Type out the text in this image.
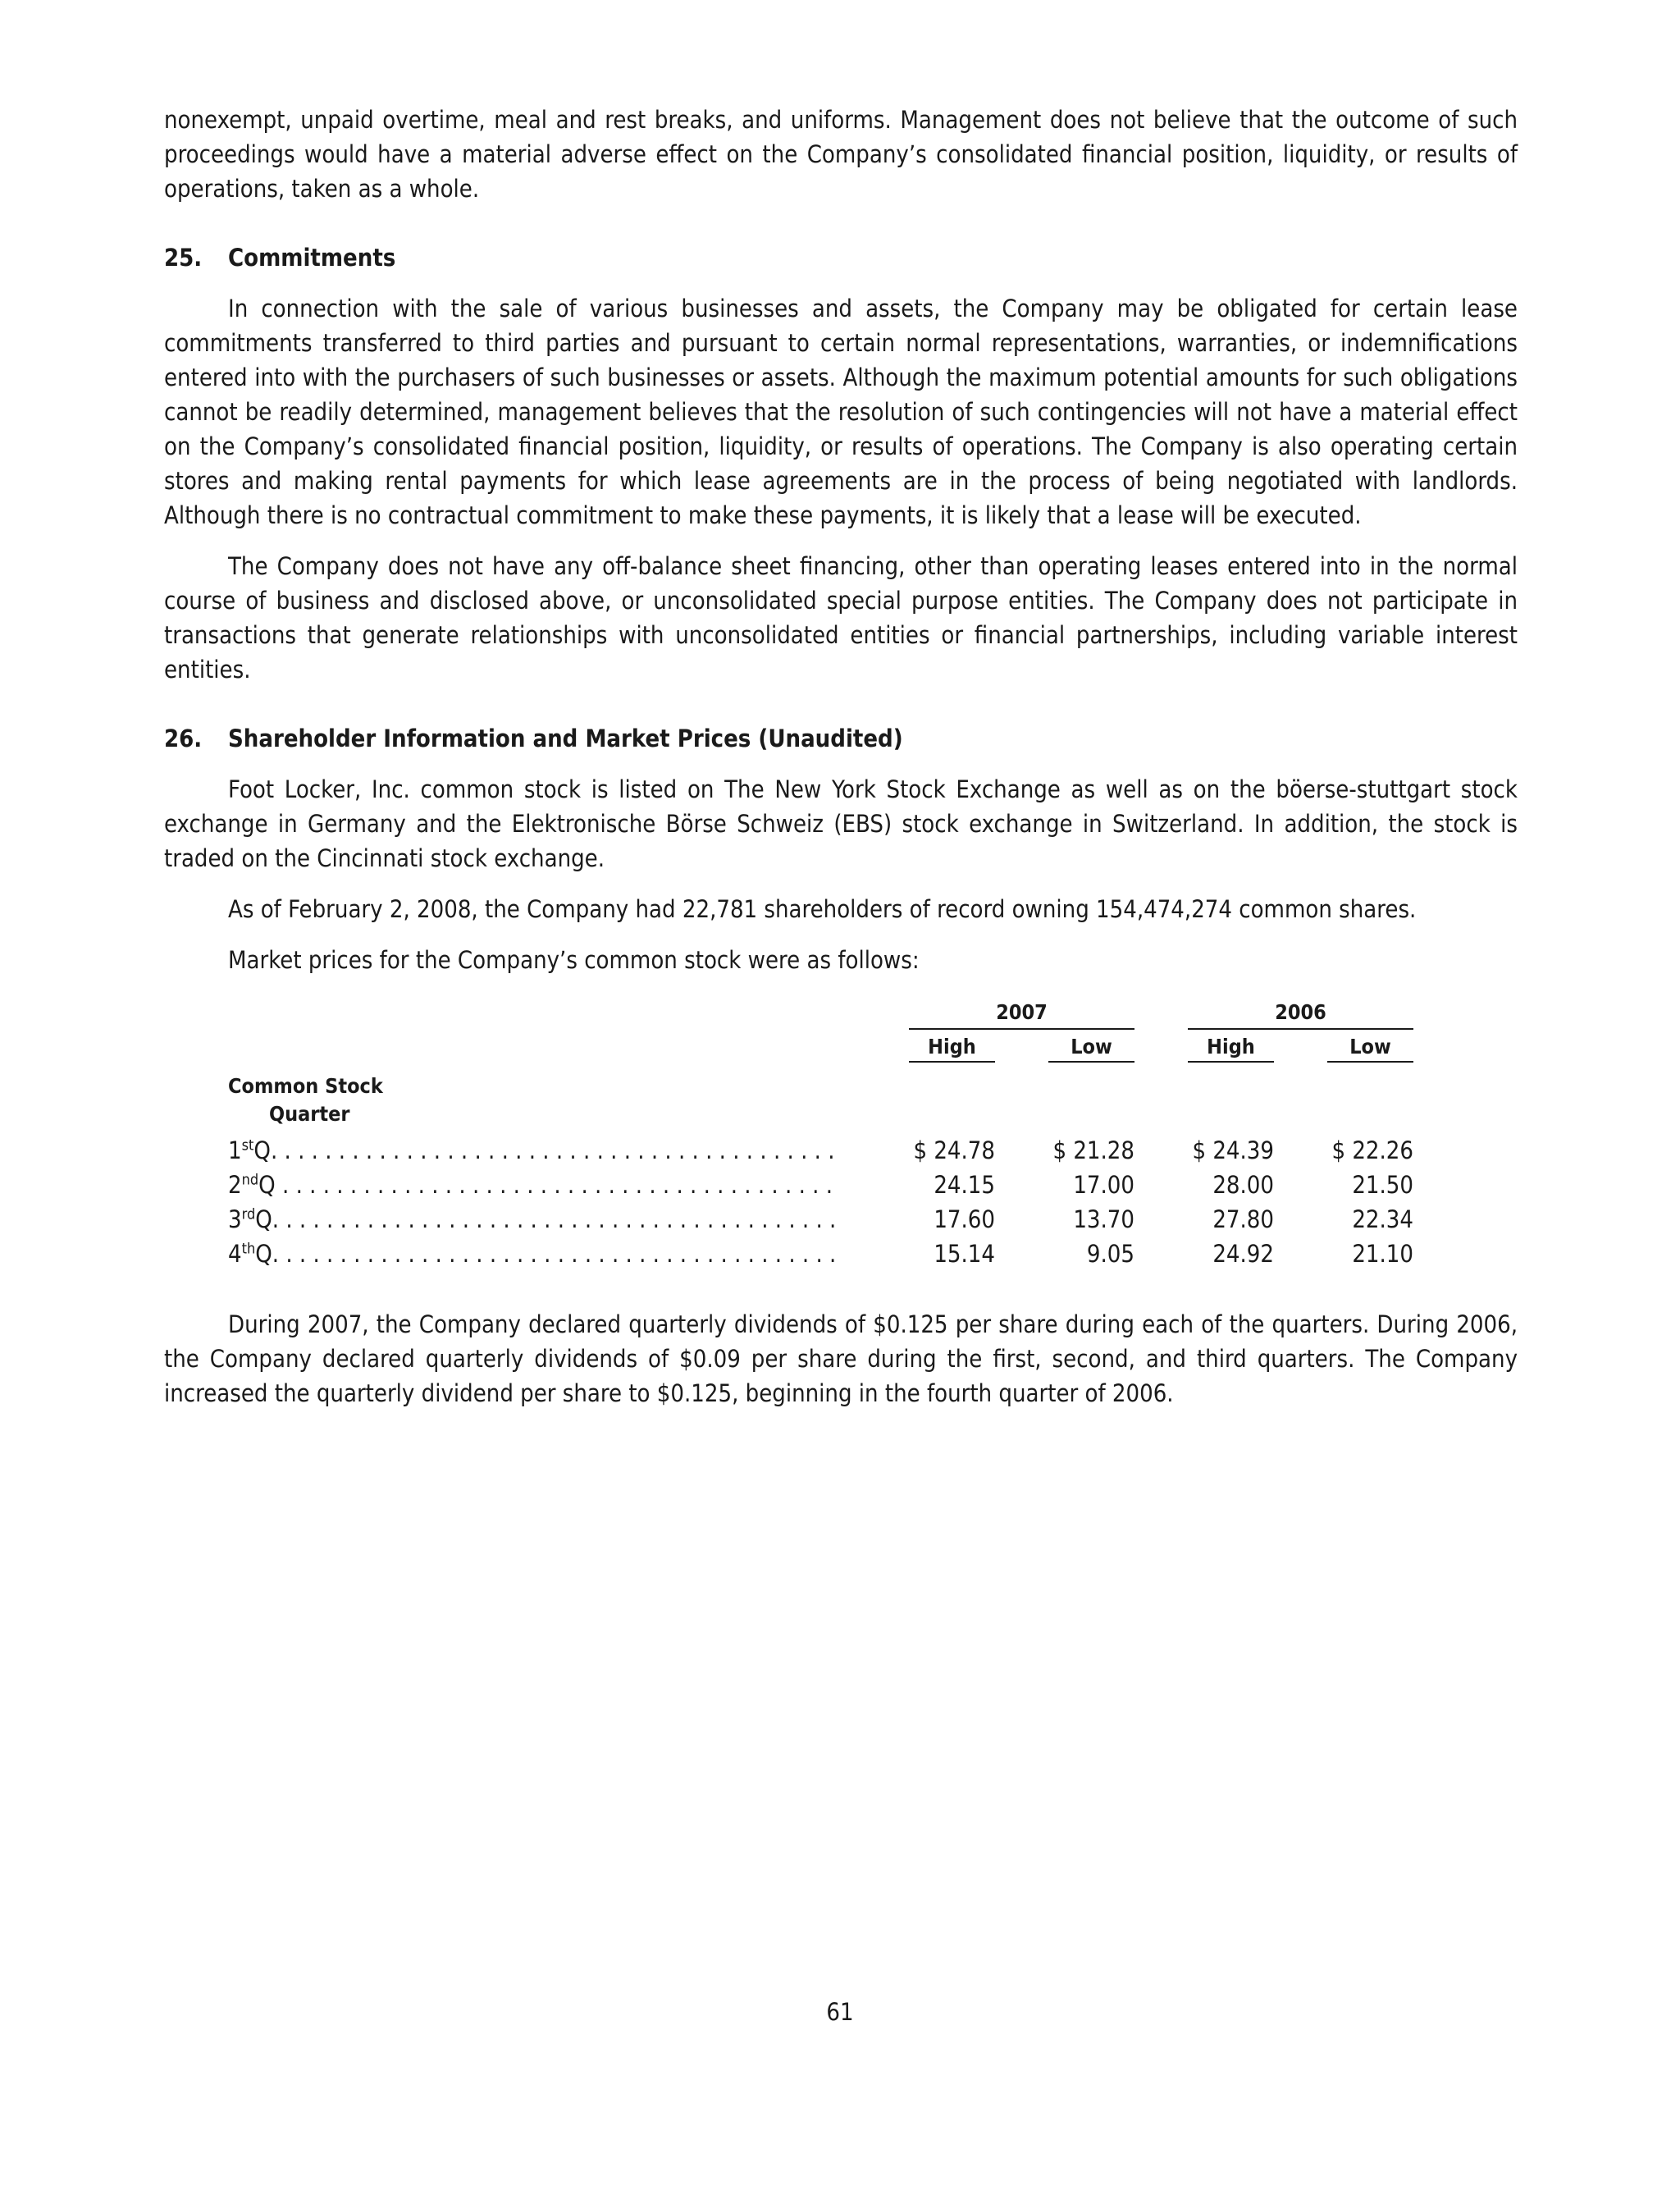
nonexempt, unpaid overtime, meal and rest breaks, and uniforms. Management does not believe that the outcome of such proceedings would have a material adverse effect on the Company’s consolidated financial position, liquidity, or results of operations, taken as a whole.

25. Commitments

In connection with the sale of various businesses and assets, the Company may be obligated for certain lease commitments transferred to third parties and pursuant to certain normal representations, warranties, or indemnifications entered into with the purchasers of such businesses or assets. Although the maximum potential amounts for such obligations cannot be readily determined, management believes that the resolution of such contingencies will not have a material effect on the Company’s consolidated financial position, liquidity, or results of operations. The Company is also operating certain stores and making rental payments for which lease agreements are in the process of being negotiated with landlords. Although there is no contractual commitment to make these payments, it is likely that a lease will be executed.

The Company does not have any off-balance sheet financing, other than operating leases entered into in the normal course of business and disclosed above, or unconsolidated special purpose entities. The Company does not participate in transactions that generate relationships with unconsolidated entities or financial partnerships, including variable interest entities.

26. Shareholder Information and Market Prices (Unaudited)

Foot Locker, Inc. common stock is listed on The New York Stock Exchange as well as on the böerse-stuttgart stock exchange in Germany and the Elektronische Börse Schweiz (EBS) stock exchange in Switzerland. In addition, the stock is traded on the Cincinnati stock exchange.

As of February 2, 2008, the Company had 22,781 shareholders of record owning 154,474,274 common shares.

Market prices for the Company’s common stock were as follows:

	2007				2006		
	High		Low		High		Low
Common Stock							
Quarter							
1stQ. . . . . . . . . . . . . . . . . . . . . . . . . . . . . . . . . . . . . . . . . .	$ 24.78		$ 21.28		$ 24.39		$ 22.26
2ndQ . . . . . . . . . . . . . . . . . . . . . . . . . . . . . . . . . . . . . . . . .	24.15		17.00		28.00		21.50
3rdQ. . . . . . . . . . . . . . . . . . . . . . . . . . . . . . . . . . . . . . . . . .	17.60		13.70		27.80		22.34
4thQ. . . . . . . . . . . . . . . . . . . . . . . . . . . . . . . . . . . . . . . . . .	15.14		9.05		24.92		21.10

During 2007, the Company declared quarterly dividends of $0.125 per share during each of the quarters. During 2006, the Company declared quarterly dividends of $0.09 per share during the first, second, and third quarters. The Company increased the quarterly dividend per share to $0.125, beginning in the fourth quarter of 2006.

61
